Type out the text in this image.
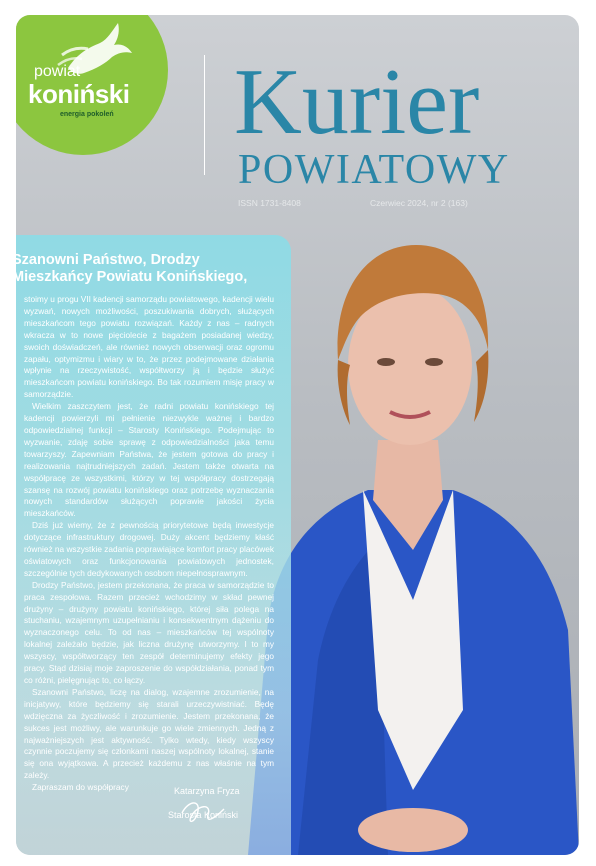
powiat
koniński
energia pokoleń Kurier
POWIATOWY
ISSN 1731-8408	Czerwiec 2024, nr 2 (163)
Szanowni Państwo, Drodzy Mieszkańcy Powiatu Konińskiego,

stoimy u progu VII kadencji samorządu powiatowego, kadencji wielu wyzwań, nowych możliwości, poszukiwania dobrych, służących mieszkańcom tego powiatu rozwiązań. Każdy z nas – radnych wkracza w to nowe pięciolecie z bagażem posiadanej wiedzy, swoich doświadczeń, ale również nowych obserwacji oraz ogromu zapału, optymizmu i wiary w to, że przez podejmowane działania wpłynie na rzeczywistość, współtworzy ją i będzie służyć mieszkańcom powiatu konińskiego. Bo tak rozumiem misję pracy w samorządzie.

Wielkim zaszczytem jest, że radni powiatu konińskiego tej kadencji powierzyli mi pełnienie niezwykle ważnej i bardzo odpowiedzialnej funkcji – Starosty Konińskiego. Podejmując to wyzwanie, zdaję sobie sprawę z odpowiedzialności jaka temu towarzyszy. Zapewniam Państwa, że jestem gotowa do pracy i realizowania najtrudniejszych zadań. Jestem także otwarta na współpracę ze wszystkimi, którzy w tej współpracy dostrzegają szansę na rozwój powiatu konińskiego oraz potrzebę wyznaczania nowych standardów służących poprawie jakości życia mieszkańców.

Dziś już wiemy, że z pewnością priorytetowe będą inwestycje dotyczące infrastruktury drogowej. Duży akcent będziemy kłaść również na wszystkie zadania poprawiające komfort pracy placówek oświatowych oraz funkcjonowania powiatowych jednostek, szczególnie tych dedykowanych osobom niepełnosprawnym.

Drodzy Państwo, jestem przekonana, że praca w samorządzie to praca zespołowa. Razem przecież wchodzimy w skład pewnej drużyny – drużyny powiatu konińskiego, której siła polega na stuchaniu, wzajemnym uzupełnianiu i konsekwentnym dążeniu do wyznaczonego celu. To od nas – mieszkańców tej wspólnoty lokalnej zależało będzie, jak liczna drużynę utworzymy. I to my wszyscy, współtworzący ten zespół determinujemy efekty jego pracy. Stąd dzisiaj moje zaproszenie do współdziałania, ponad tym co różni, pielęgnując to, co łączy.

Szanowni Państwo, liczę na dialog, wzajemne zrozumienie, na inicjatywy, które będziemy się starali urzeczywistniać. Będę wdzięczna za życzliwość i zrozumienie. Jestem przekonana, że sukces jest możliwy, ale warunkuje go wiele zmiennych. Jedną z najważniejszych jest aktywność. Tylko wtedy, kiedy wszyscy czynnie poczujemy się członkami naszej wspólnoty lokalnej, stanie się ona wyjątkowa. A przecież każdemu z nas właśnie na tym zależy.

Zapraszam do współpracy	Katarzyna Fryza
Starosta Koniński
